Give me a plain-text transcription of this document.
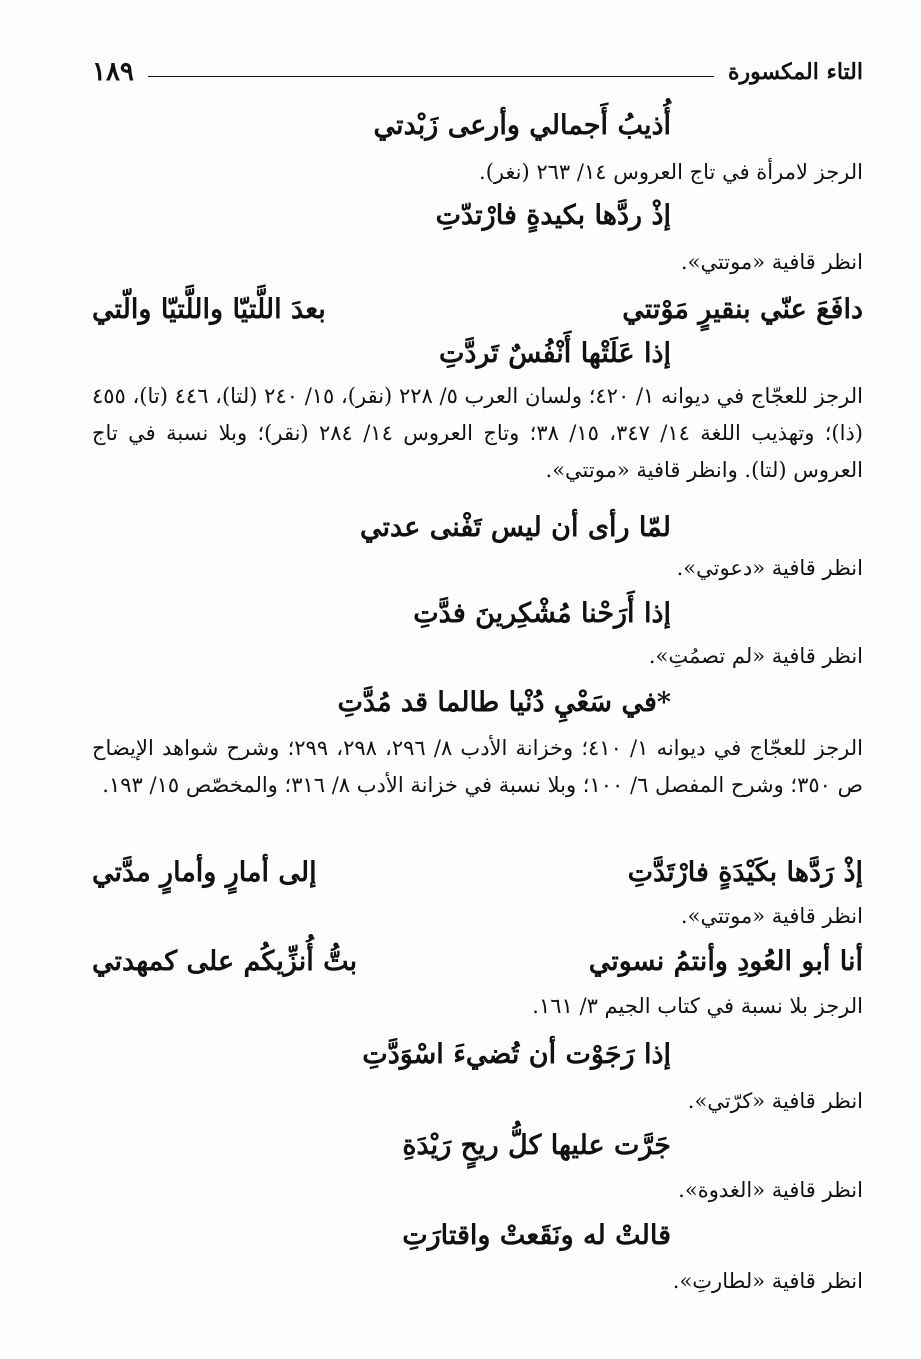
التاء المكسورة
١٨٩
أُذيبُ أَجمالي وأرعى زَبْدتي
الرجز لامرأة في تاج العروس ١٤/ ٢٦٣ (نغر).
إذْ ردَّها بكيدةٍ فارْتدّتِ
انظر قافية «موتتي».
دافَعَ عنّي بنقيرٍ مَوْتتي
بعدَ اللَّتيّا واللَّتيّا والّتي
إذا عَلَتْها أَنْفُسٌ تَردَّتِ
الرجز للعجّاج في ديوانه ١/ ٤٢٠؛ ولسان العرب ٥/ ٢٢٨ (نقر)، ١٥/ ٢٤٠ (لتا)، ٤٤٦ (تا)، ٤٥٥ (ذا)؛ وتهذيب اللغة ١٤/ ٣٤٧، ١٥/ ٣٨؛ وتاج العروس ١٤/ ٢٨٤ (نقر)؛ وبلا نسبة في تاج العروس (لتا). وانظر قافية «موتتي».
لمّا رأى أن ليس تَفْنى عدتي
انظر قافية «دعوتي».
إذا أَرَحْنا مُشْكِرينَ فدَّتِ
انظر قافية «لم تصمُتِ».
*في سَعْيِ دُنْيا طالما قد مُدَّتِ
الرجز للعجّاج في ديوانه ١/ ٤١٠؛ وخزانة الأدب ٨/ ٢٩٦، ٢٩٨، ٢٩٩؛ وشرح شواهد الإيضاح ص ٣٥٠؛ وشرح المفصل ٦/ ١٠٠؛ وبلا نسبة في خزانة الأدب ٨/ ٣١٦؛ والمخصّص ١٥/ ١٩٣.
إذْ رَدَّها بكَيْدَةٍ فارْتَدَّتِ
إلى أمارٍ وأمارٍ مدَّتي
انظر قافية «موتتي».
أنا أبو العُودِ وأنتمُ نسوتي
بتُّ أُنزِّيكُم على كمهدتي
الرجز بلا نسبة في كتاب الجيم ٣/ ١٦١.
إذا رَجَوْت أن تُضيءَ اسْوَدَّتِ
انظر قافية «كرّتي».
جَرَّت عليها كلُّ ريحٍ رَيْدَةِ
انظر قافية «الغدوة».
قالتْ له ونَقَعتْ واقتارَتِ
انظر قافية «لطارتِ».
